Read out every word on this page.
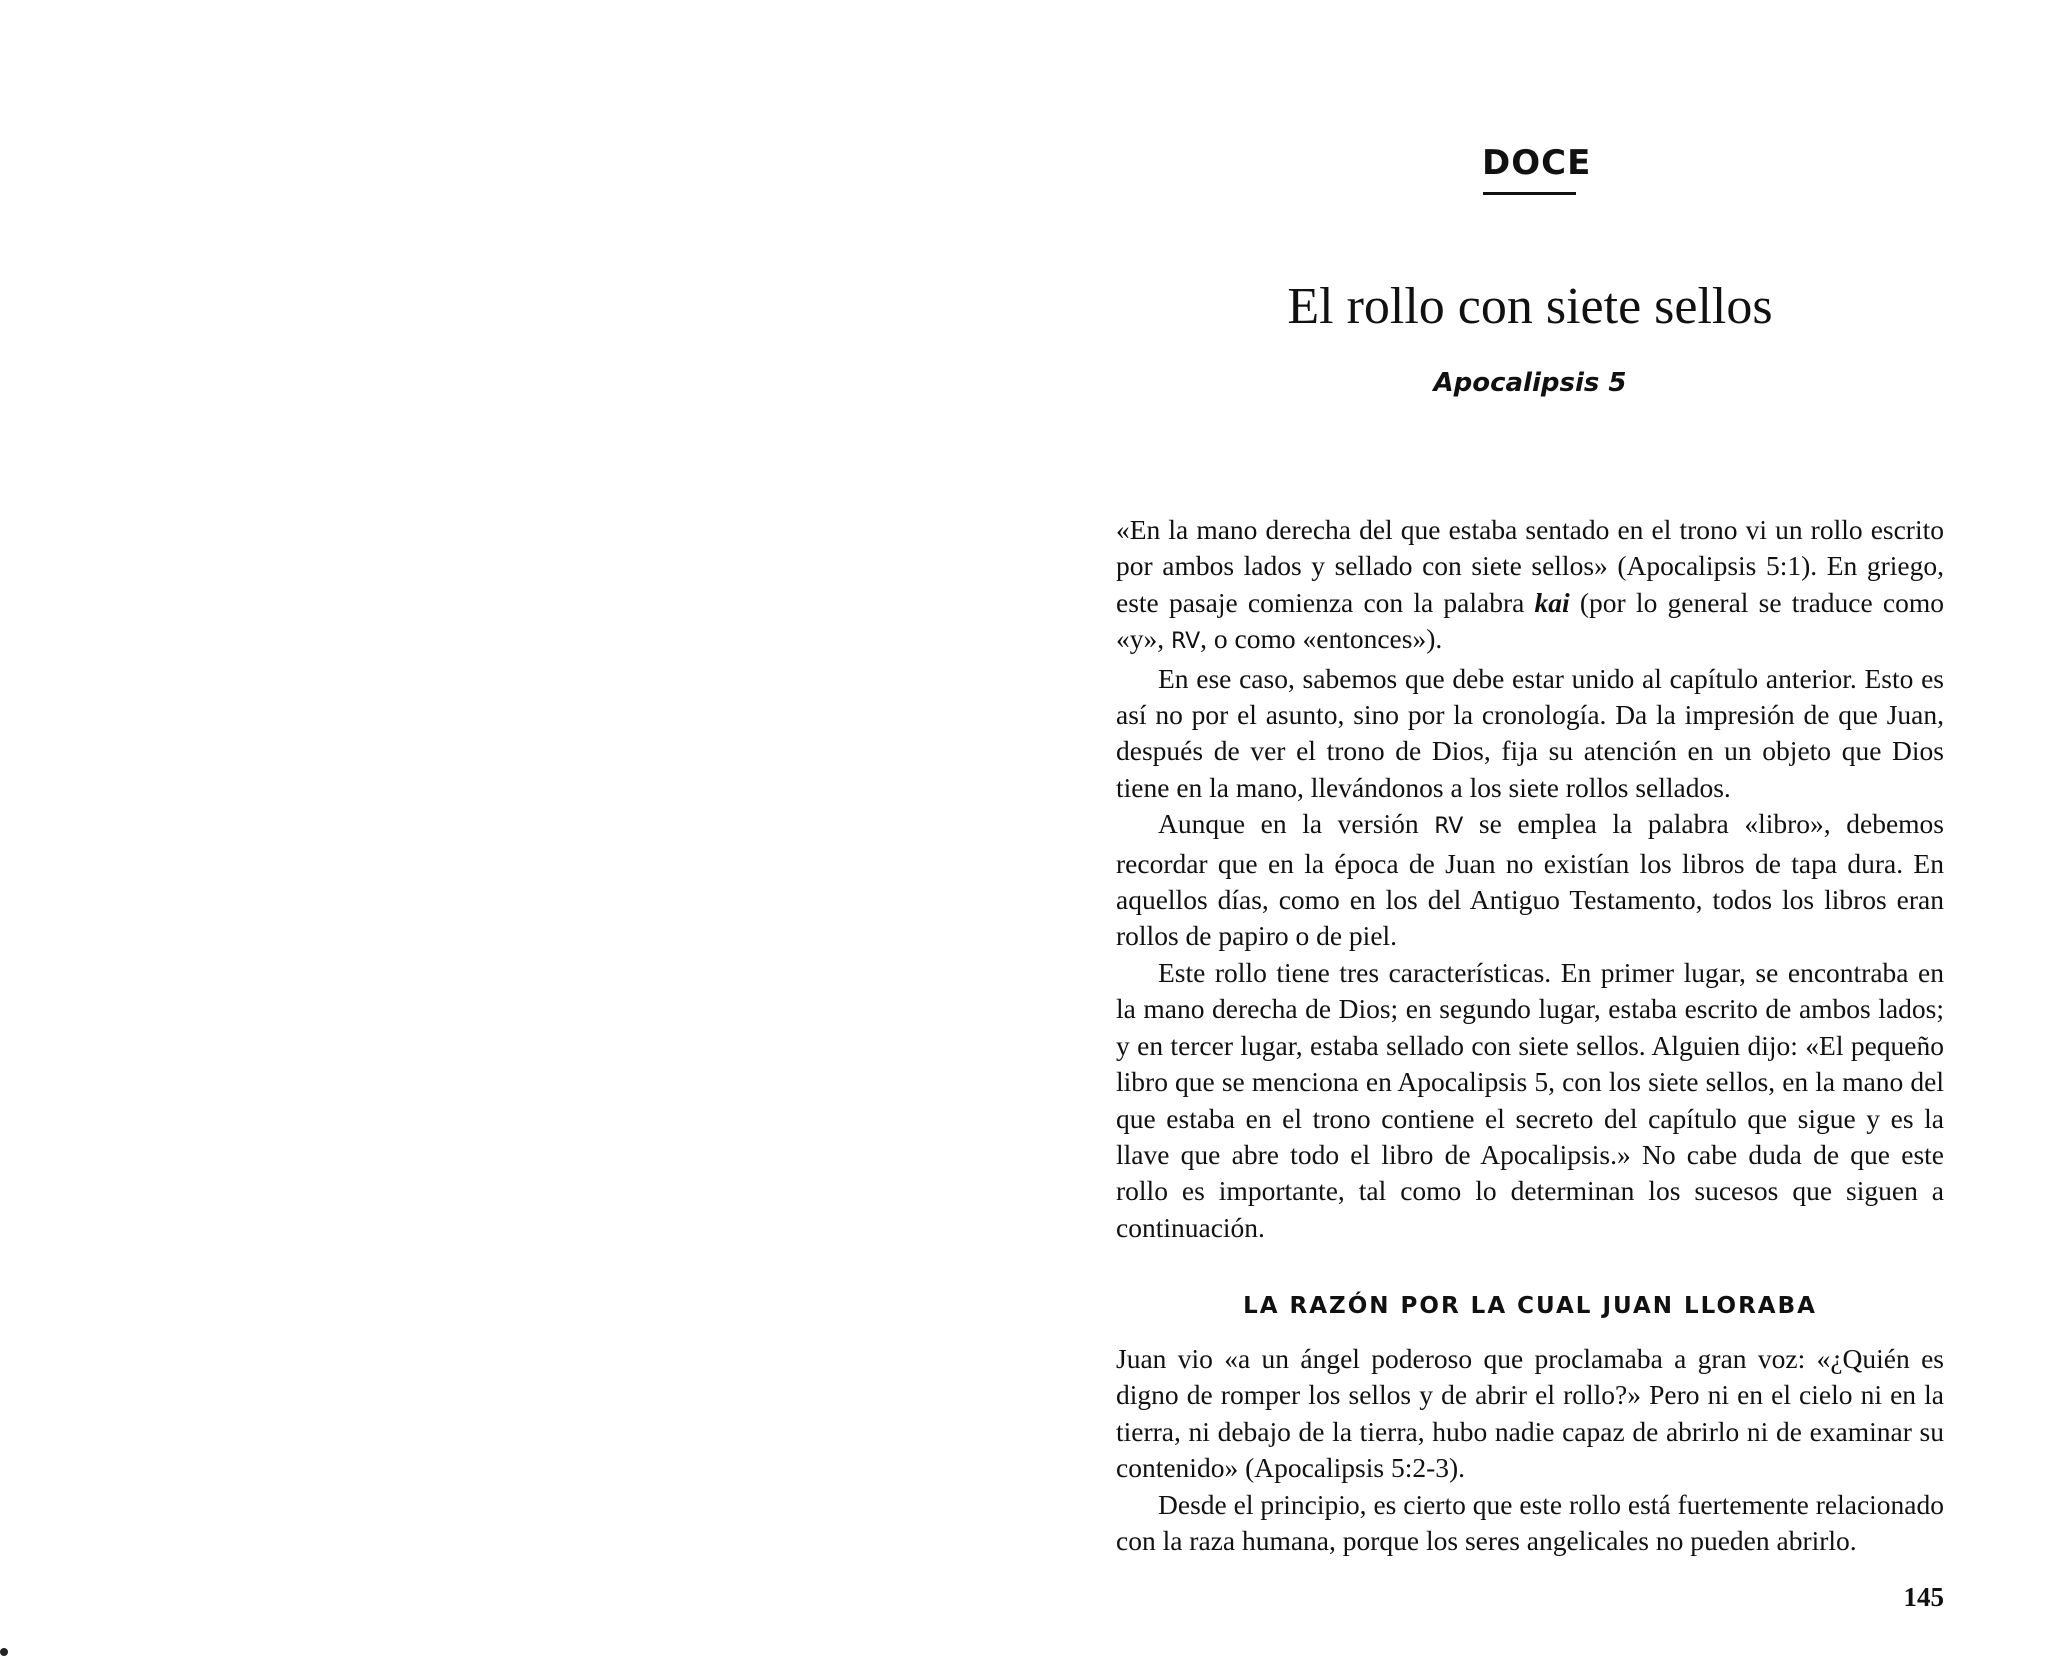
DOCE
El rollo con siete sellos
Apocalipsis 5

«En la mano derecha del que estaba sentado en el trono vi un rollo escrito por ambos lados y sellado con siete sellos» (Apocalipsis 5:1). En griego, este pasaje comienza con la palabra kai (por lo general se traduce como «y», RV, o como «entonces»).

En ese caso, sabemos que debe estar unido al capítulo anterior. Esto es así no por el asunto, sino por la cronología. Da la impresión de que Juan, después de ver el trono de Dios, fija su atención en un objeto que Dios tiene en la mano, llevándonos a los siete rollos sellados.

Aunque en la versión RV se emplea la palabra «libro», debemos recordar que en la época de Juan no existían los libros de tapa dura. En aquellos días, como en los del Antiguo Testamento, todos los libros eran rollos de papiro o de piel.

Este rollo tiene tres características. En primer lugar, se encontraba en la mano derecha de Dios; en segundo lugar, estaba escrito de ambos lados; y en tercer lugar, estaba sellado con siete sellos. Alguien dijo: «El pequeño libro que se menciona en Apocalipsis 5, con los siete sellos, en la mano del que estaba en el trono contiene el secreto del capítulo que sigue y es la llave que abre todo el libro de Apocalipsis.» No cabe duda de que este rollo es importante, tal como lo determinan los sucesos que siguen a continuación.

LA RAZÓN POR LA CUAL JUAN LLORABA

Juan vio «a un ángel poderoso que proclamaba a gran voz: «¿Quién es digno de romper los sellos y de abrir el rollo?» Pero ni en el cielo ni en la tierra, ni debajo de la tierra, hubo nadie capaz de abrirlo ni de examinar su contenido» (Apocalipsis 5:2-3).

Desde el principio, es cierto que este rollo está fuertemente relacionado con la raza humana, porque los seres angelicales no pueden abrirlo.

145
